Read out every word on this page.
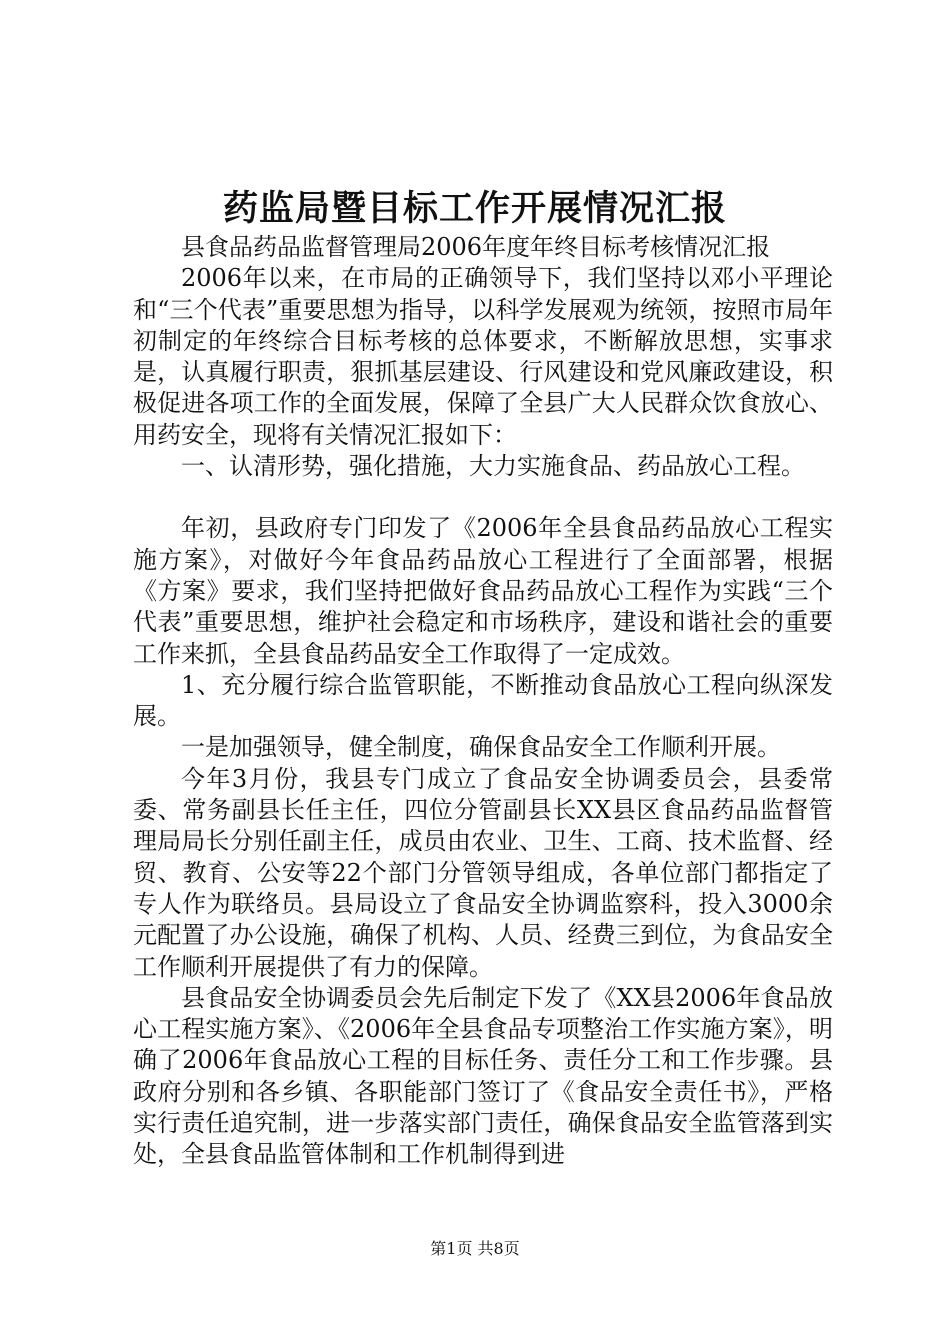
药监局暨目标工作开展情况汇报

县食品药品监督管理局2006年度年终目标考核情况汇报

2006年以来，在市局的正确领导下，我们坚持以邓小平理论和“三个代表”重要思想为指导，以科学发展观为统领，按照市局年初制定的年终综合目标考核的总体要求，不断解放思想，实事求是，认真履行职责，狠抓基层建设、行风建设和党风廉政建设，积极促进各项工作的全面发展，保障了全县广大人民群众饮食放心、用药安全，现将有关情况汇报如下：

一、认清形势，强化措施，大力实施食品、药品放心工程。

年初，县政府专门印发了《2006年全县食品药品放心工程实施方案》，对做好今年食品药品放心工程进行了全面部署，根据《方案》要求，我们坚持把做好食品药品放心工程作为实践“三个代表”重要思想，维护社会稳定和市场秩序，建设和谐社会的重要工作来抓，全县食品药品安全工作取得了一定成效。

1、充分履行综合监管职能，不断推动食品放心工程向纵深发展。

一是加强领导，健全制度，确保食品安全工作顺利开展。

今年3月份，我县专门成立了食品安全协调委员会，县委常委、常务副县长任主任，四位分管副县长XX县区食品药品监督管理局局长分别任副主任，成员由农业、卫生、工商、技术监督、经贸、教育、公安等22个部门分管领导组成，各单位部门都指定了专人作为联络员。县局设立了食品安全协调监察科，投入3000余元配置了办公设施，确保了机构、人员、经费三到位，为食品安全工作顺利开展提供了有力的保障。

县食品安全协调委员会先后制定下发了《XX县2006年食品放心工程实施方案》、《2006年全县食品专项整治工作实施方案》，明确了2006年食品放心工程的目标任务、责任分工和工作步骤。县政府分别和各乡镇、各职能部门签订了《食品安全责任书》，严格实行责任追究制，进一步落实部门责任，确保食品安全监管落到实处，全县食品监管体制和工作机制得到进

第1页 共8页
